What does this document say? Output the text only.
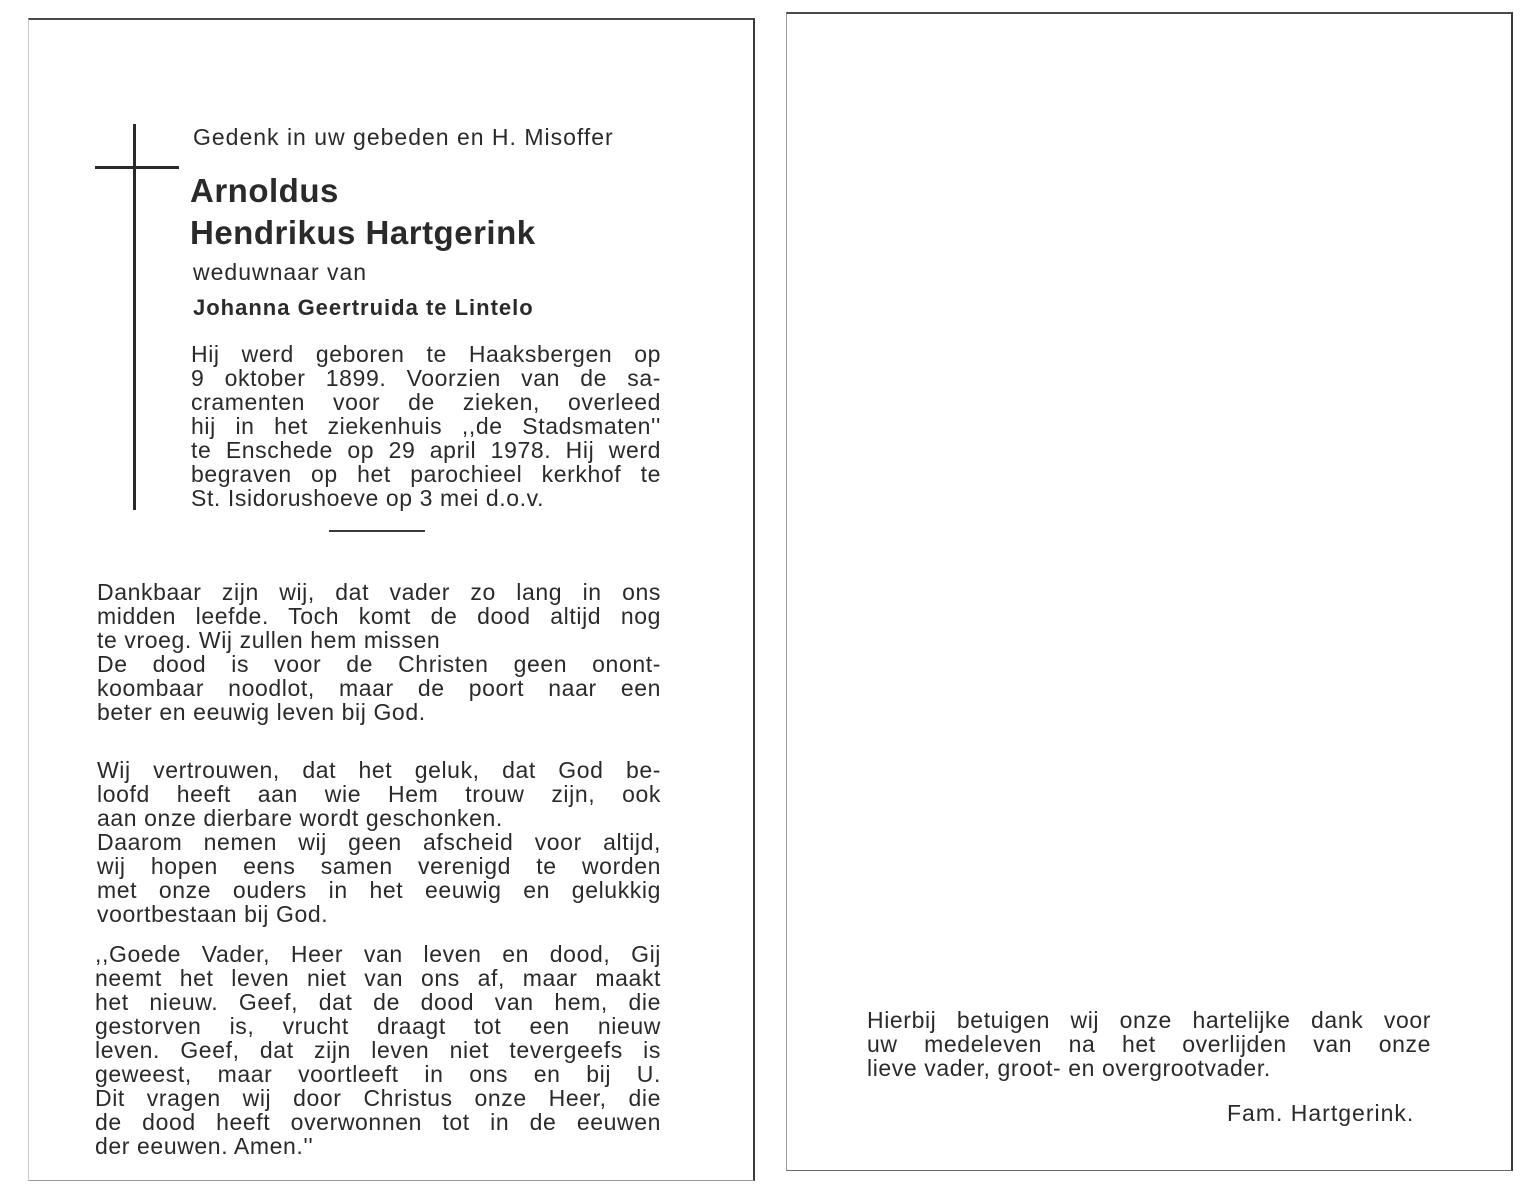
Gedenk in uw gebeden en H. Misoffer
Arnoldus
Hendrikus Hartgerink
weduwnaar van
Johanna Geertruida te Lintelo
Hij werd geboren te Haaksbergen op
9 oktober 1899. Voorzien van de sa-
cramenten voor de zieken, overleed
hij in het ziekenhuis ,,de Stadsmaten''
te Enschede op 29 april 1978. Hij werd
begraven op het parochieel kerkhof te
St. Isidorushoeve op 3 mei d.o.v.
Dankbaar zijn wij, dat vader zo lang in ons
midden leefde. Toch komt de dood altijd nog
te vroeg. Wij zullen hem missen
De dood is voor de Christen geen onont-
koombaar noodlot, maar de poort naar een
beter en eeuwig leven bij God.
Wij vertrouwen, dat het geluk, dat God be-
loofd heeft aan wie Hem trouw zijn, ook
aan onze dierbare wordt geschonken.
Daarom nemen wij geen afscheid voor altijd,
wij hopen eens samen verenigd te worden
met onze ouders in het eeuwig en gelukkig
voortbestaan bij God.
,,Goede Vader, Heer van leven en dood, Gij
neemt het leven niet van ons af, maar maakt
het nieuw. Geef, dat de dood van hem, die
gestorven is, vrucht draagt tot een nieuw
leven. Geef, dat zijn leven niet tevergeefs is
geweest, maar voortleeft in ons en bij U.
Dit vragen wij door Christus onze Heer, die
de dood heeft overwonnen tot in de eeuwen
der eeuwen. Amen.''
Hierbij betuigen wij onze hartelijke dank voor
uw medeleven na het overlijden van onze
lieve vader, groot- en overgrootvader.
Fam. Hartgerink.
